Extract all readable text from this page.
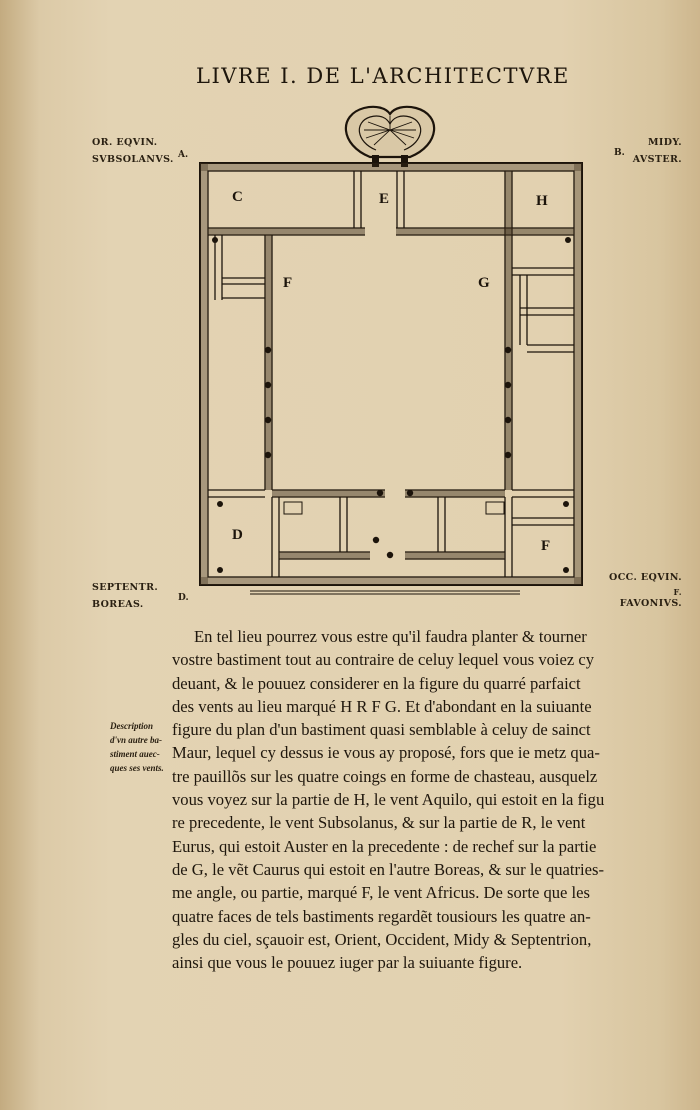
LIVRE I. DE L'ARCHITECTVRE
OR. EQVIN.
SVBSOLANVS.
MIDY.
AVSTER.
SEPTENTR.
BOREAS.
OCC. EQVIN.
F.
FAVONIVS.
A.	B.
D.
C	E	H
F	G
D
F
Description
d'vn autre ba-
stiment auec-
ques ses vents.
En tel lieu pourrez vous estre qu'il faudra planter & tourner
vostre bastiment tout au contraire de celuy lequel vous voiez cy
deuant, & le pouuez considerer en la figure du quarré parfaict
des vents au lieu marqué H R F G. Et d'abondant en la suiuante
figure du plan d'un bastiment quasi semblable à celuy de sainct
Maur, lequel cy dessus ie vous ay proposé, fors que ie metz qua-
tre pauillõs sur les quatre coings en forme de chasteau, ausquelz
vous voyez sur la partie de H, le vent Aquilo, qui estoit en la figu
re precedente, le vent Subsolanus, & sur la partie de R, le vent
Eurus, qui estoit Auster en la precedente : de rechef sur la partie
de G, le vẽt Caurus qui estoit en l'autre Boreas, & sur le quatries-
me angle, ou partie, marqué F, le vent Africus. De sorte que les
quatre faces de tels bastiments regardẽt tousiours les quatre an-
gles du ciel, sçauoir est, Orient, Occident, Midy & Septentrion,
ainsi que vous le pouuez iuger par la suiuante figure.
